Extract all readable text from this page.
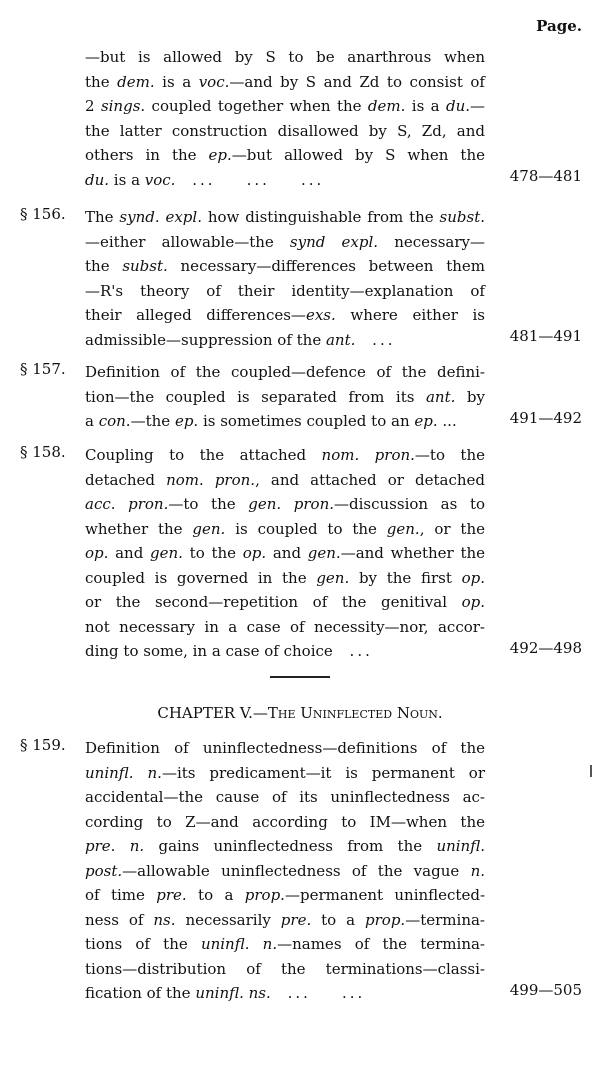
Page.
—but is allowed by S to be anarthrous when
the dem. is a voc.—and by S and Zd to consist of
2 sings. coupled together when the dem. is a du.—
the latter construction disallowed by S, Zd, and
others in the ep.—but allowed by S when the
du. is a voc. ...    ...    ...	478—481
§ 156. The synd. expl. how distinguishable from the subst.
—either allowable—the synd expl. necessary—
the subst. necessary—differences between them
—R's theory of their identity—explanation of
their alleged differences—exs. where either is
admissible—suppression of the ant. ...	481—491
§ 157. Definition of the coupled—defence of the defini-
tion—the coupled is separated from its ant. by
a con.—the ep. is sometimes coupled to an ep. ...	491—492
§ 158. Coupling to the attached nom. pron.—to the
detached nom. pron., and attached or detached
acc. pron.—to the gen. pron.—discussion as to
whether the gen. is coupled to the gen., or the
op. and gen. to the op. and gen.—and whether the
coupled is governed in the gen. by the first op.
or the second—repetition of the genitival op.
not necessary in a case of necessity—nor, accor-
ding to some, in a case of choice ...	492—498
CHAPTER V.—The Uninflected Noun.
§ 159. Definition of uninflectedness—definitions of the
uninfl. n.—its predicament—it is permanent or
accidental—the cause of its uninflectedness ac-
cording to Z—and according to IM—when the
pre. n. gains uninflectedness from the uninfl.
post.—allowable uninflectedness of the vague n.
of time pre. to a prop.—permanent uninflected-
ness of ns. necessarily pre. to a prop.—termina-
tions of the uninfl. n.—names of the termina-
tions—distribution of the terminations—classi-
fication of the uninfl. ns. ...    ...	499—505
